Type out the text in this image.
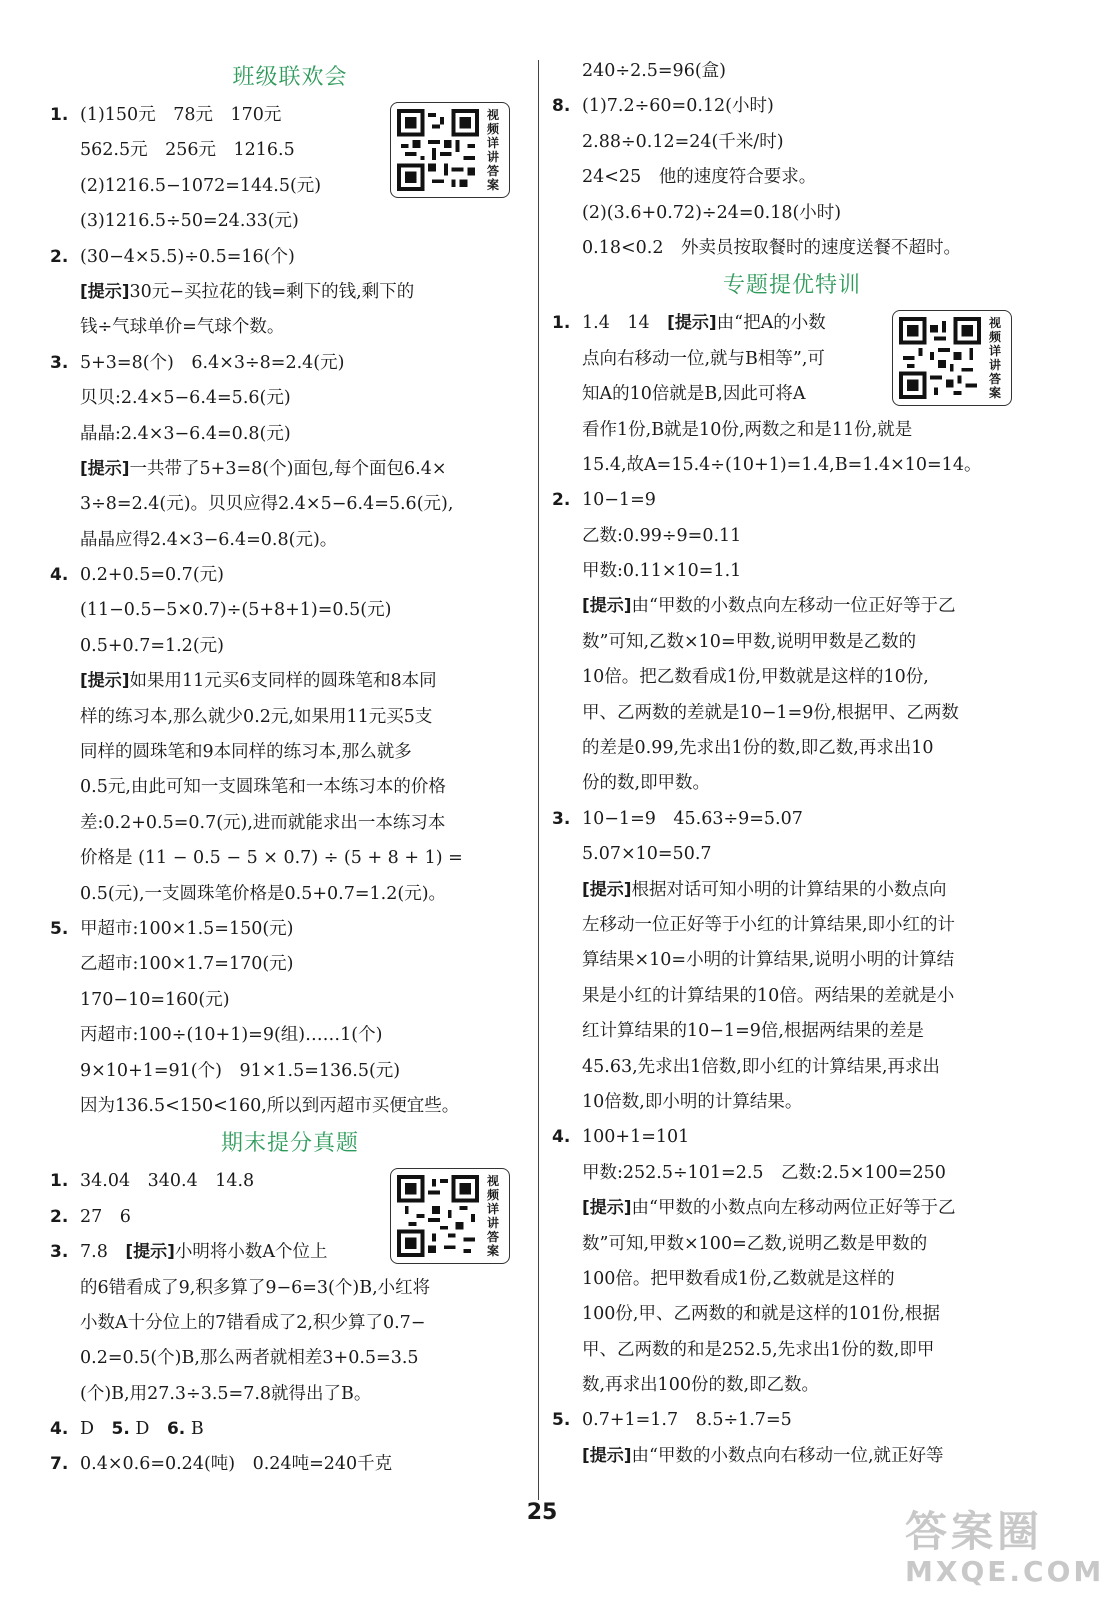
班级联欢会
视频详讲答案
1. (1)150元　78元　170元
562.5元　256元　1216.5
(2)1216.5−1072=144.5(元)
(3)1216.5÷50=24.33(元)
2. (30−4×5.5)÷0.5=16(个)
[提示]30元−买拉花的钱=剩下的钱,剩下的
钱÷气球单价=气球个数。
3. 5+3=8(个)　6.4×3÷8=2.4(元)
贝贝:2.4×5−6.4=5.6(元)
晶晶:2.4×3−6.4=0.8(元)
[提示]一共带了5+3=8(个)面包,每个面包6.4×
3÷8=2.4(元)。贝贝应得2.4×5−6.4=5.6(元),
晶晶应得2.4×3−6.4=0.8(元)。
4. 0.2+0.5=0.7(元)
(11−0.5−5×0.7)÷(5+8+1)=0.5(元)
0.5+0.7=1.2(元)
[提示]如果用11元买6支同样的圆珠笔和8本同
样的练习本,那么就少0.2元,如果用11元买5支
同样的圆珠笔和9本同样的练习本,那么就多
0.5元,由此可知一支圆珠笔和一本练习本的价格
差:0.2+0.5=0.7(元),进而就能求出一本练习本
价格是 (11 − 0.5 − 5 × 0.7) ÷ (5 + 8 + 1) =
0.5(元),一支圆珠笔价格是0.5+0.7=1.2(元)。
5. 甲超市:100×1.5=150(元)
乙超市:100×1.7=170(元)
170−10=160(元)
丙超市:100÷(10+1)=9(组)……1(个)
9×10+1=91(个)　91×1.5=136.5(元)
因为136.5<150<160,所以到丙超市买便宜些。
期末提分真题
视频详讲答案
1. 34.04　340.4　14.8
2. 27　6
3. 7.8　[提示]小明将小数A个位上
的6错看成了9,积多算了9−6=3(个)B,小红将
小数A十分位上的7错看成了2,积少算了0.7−
0.2=0.5(个)B,那么两者就相差3+0.5=3.5
(个)B,用27.3÷3.5=7.8就得出了B。
4. D　5. D　6. B
7. 0.4×0.6=0.24(吨)　0.24吨=240千克
240÷2.5=96(盒)
8. (1)7.2÷60=0.12(小时)
2.88÷0.12=24(千米/时)
24<25　他的速度符合要求。
(2)(3.6+0.72)÷24=0.18(小时)
0.18<0.2　外卖员按取餐时的速度送餐不超时。
专题提优特训
视频详讲答案
1. 1.4　14　[提示]由“把A的小数
点向右移动一位,就与B相等”,可
知A的10倍就是B,因此可将A
看作1份,B就是10份,两数之和是11份,就是
15.4,故A=15.4÷(10+1)=1.4,B=1.4×10=14。
2. 10−1=9
乙数:0.99÷9=0.11
甲数:0.11×10=1.1
[提示]由“甲数的小数点向左移动一位正好等于乙
数”可知,乙数×10=甲数,说明甲数是乙数的
10倍。把乙数看成1份,甲数就是这样的10份,
甲、乙两数的差就是10−1=9份,根据甲、乙两数
的差是0.99,先求出1份的数,即乙数,再求出10
份的数,即甲数。
3. 10−1=9　45.63÷9=5.07
5.07×10=50.7
[提示]根据对话可知小明的计算结果的小数点向
左移动一位正好等于小红的计算结果,即小红的计
算结果×10=小明的计算结果,说明小明的计算结
果是小红的计算结果的10倍。两结果的差就是小
红计算结果的10−1=9倍,根据两结果的差是
45.63,先求出1倍数,即小红的计算结果,再求出
10倍数,即小明的计算结果。
4. 100+1=101
甲数:252.5÷101=2.5　乙数:2.5×100=250
[提示]由“甲数的小数点向左移动两位正好等于乙
数”可知,甲数×100=乙数,说明乙数是甲数的
100倍。把甲数看成1份,乙数就是这样的
100份,甲、乙两数的和就是这样的101份,根据
甲、乙两数的和是252.5,先求出1份的数,即甲
数,再求出100份的数,即乙数。
5. 0.7+1=1.7　8.5÷1.7=5
[提示]由“甲数的小数点向右移动一位,就正好等
25	答案圈
MXQE.COM
